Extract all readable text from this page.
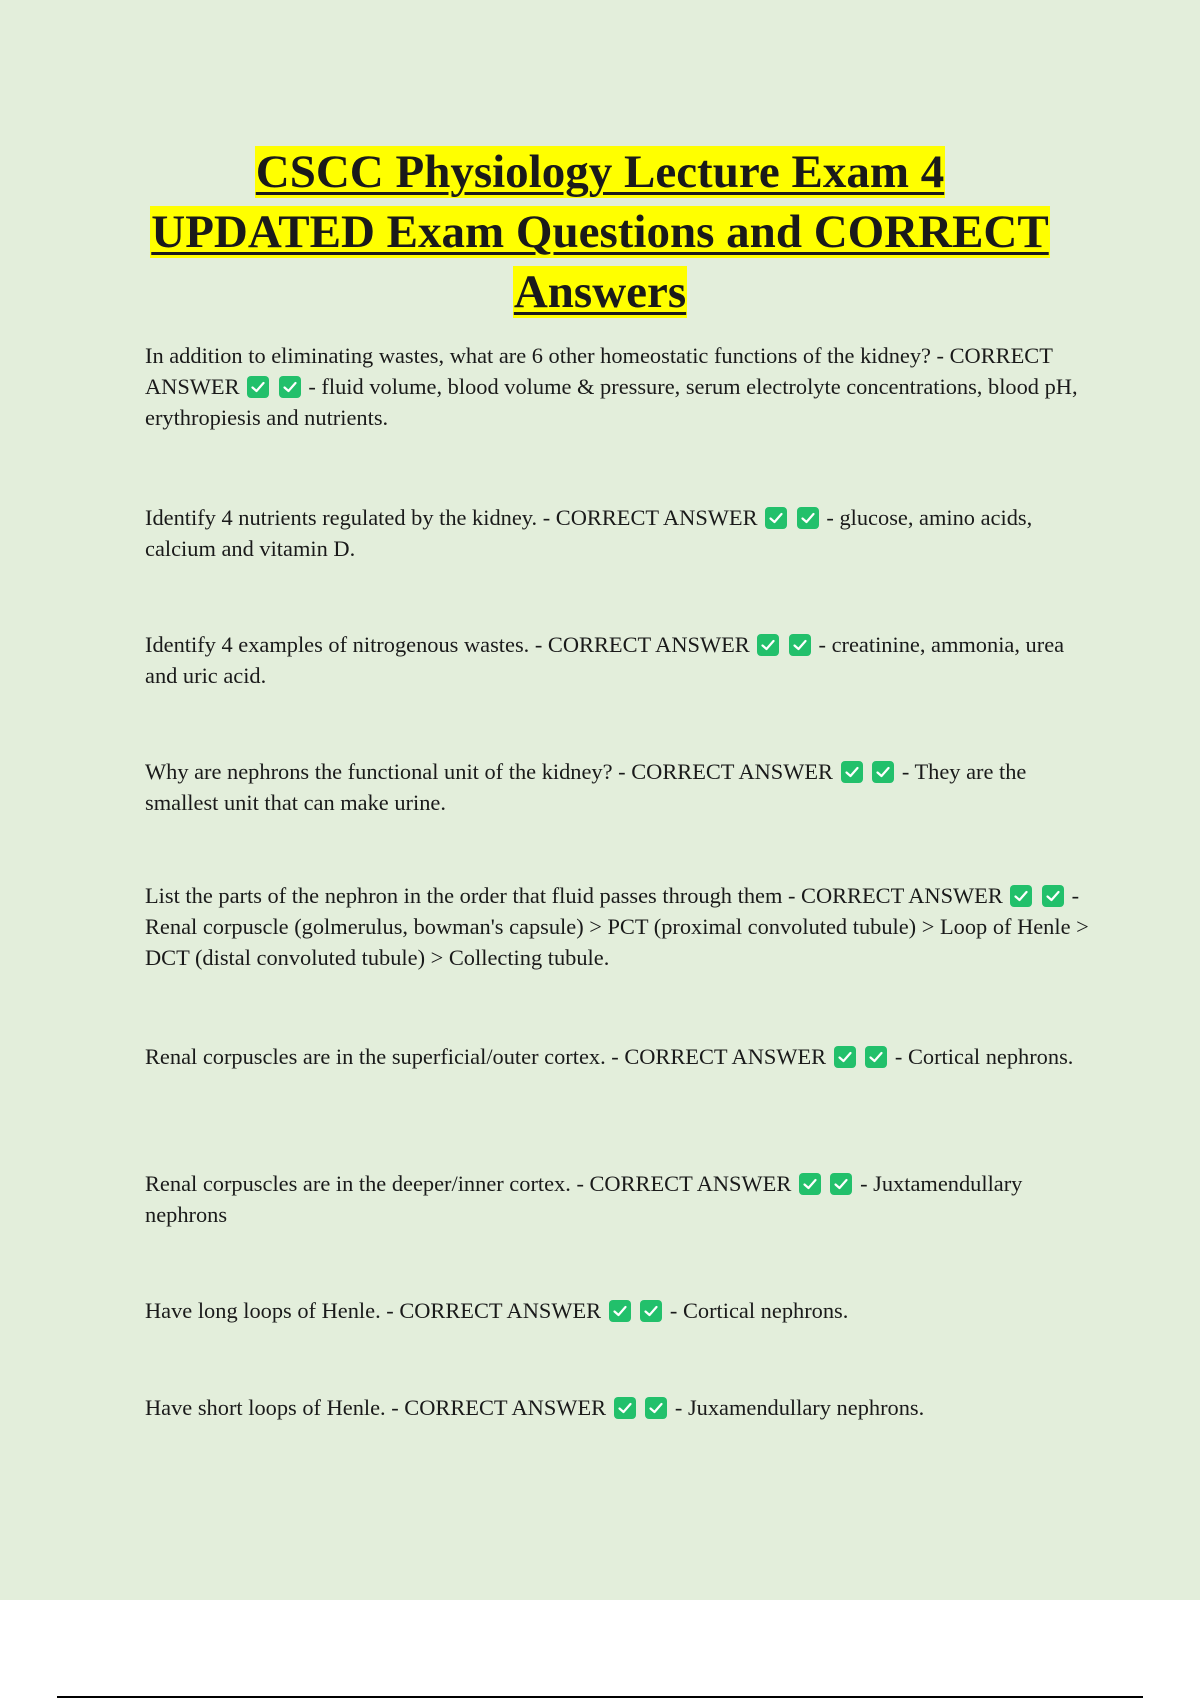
CSCC Physiology Lecture Exam 4
UPDATED Exam Questions and CORRECT
Answers
In addition to eliminating wastes, what are 6 other homeostatic functions of the kidney? - CORRECT ANSWER
	- fluid volume, blood volume & pressure, serum electrolyte concentrations, blood pH, erythropiesis and nutrients.
Identify 4 nutrients regulated by the kidney. - CORRECT ANSWER
	- glucose, amino acids, calcium and vitamin D.
Identify 4 examples of nitrogenous wastes. - CORRECT ANSWER
	- creatinine, ammonia, urea and uric acid.
Why are nephrons the functional unit of the kidney? - CORRECT ANSWER
	- They are the smallest unit that can make urine.
List the parts of the nephron in the order that fluid passes through them - CORRECT ANSWER
	- Renal corpuscle (golmerulus, bowman's capsule) > PCT (proximal convoluted tubule) > Loop of Henle > DCT (distal convoluted tubule) > Collecting tubule.
Renal corpuscles are in the superficial/outer cortex. - CORRECT ANSWER
	- Cortical nephrons.
Renal corpuscles are in the deeper/inner cortex. - CORRECT ANSWER
	- Juxtamendullary nephrons
Have long loops of Henle. - CORRECT ANSWER
	- Cortical nephrons.
Have short loops of Henle. - CORRECT ANSWER
	- Juxamendullary nephrons.
